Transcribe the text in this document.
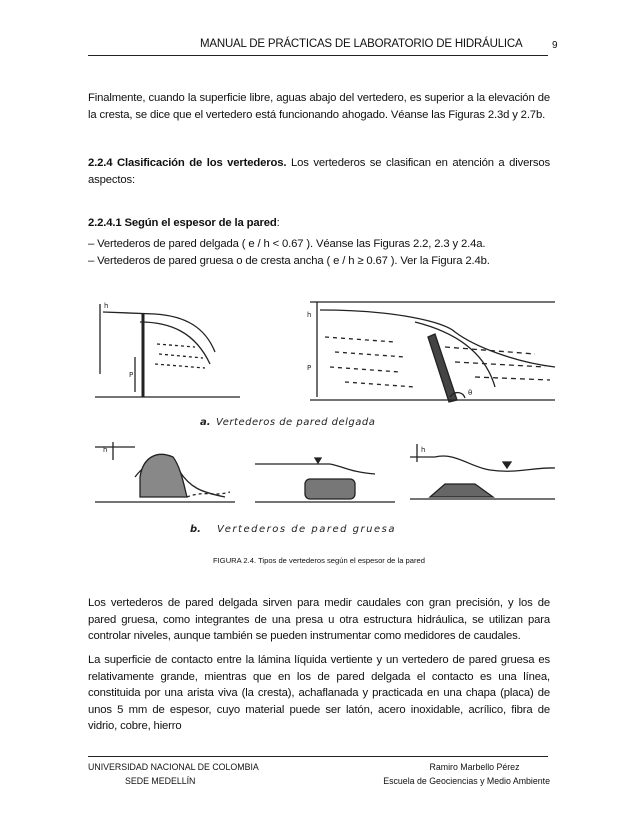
MANUAL DE PRÁCTICAS DE LABORATORIO DE HIDRÁULICA	9
Finalmente, cuando la superficie libre, aguas abajo del vertedero, es superior a la elevación de la cresta, se dice que el vertedero está funcionando ahogado. Véanse las Figuras 2.3d y 2.7b.
2.2.4 Clasificación de los vertederos. Los vertederos se clasifican en atención a diversos aspectos:
2.2.4.1 Según el espesor de la pared:
– Vertederos de pared delgada ( e / h < 0.67 ). Véanse las Figuras 2.2, 2.3 y 2.4a.
– Vertederos de pared gruesa o de cresta ancha ( e / h ≥ 0.67 ). Ver la Figura 2.4b.
h
P
h
P
θ
h	h
a. Vertederos de pared delgada
b. Vertederos de pared gruesa
FIGURA 2.4. Tipos de vertederos según el espesor de la pared
Los vertederos de pared delgada sirven para medir caudales con gran precisión, y los de pared gruesa, como integrantes de una presa u otra estructura hidráulica, se utilizan para controlar niveles, aunque también se pueden instrumentar como medidores de caudales.
La superficie de contacto entre la lámina líquida vertiente y un vertedero de pared gruesa es relativamente grande, mientras que en los de pared delgada el contacto es una línea, constituida por una arista viva (la cresta), achaflanada y practicada en una chapa (placa) de unos 5 mm de espesor, cuyo material puede ser latón, acero inoxidable, acrílico, fibra de vidrio, cobre, hierro
UNIVERSIDAD NACIONAL DE COLOMBIA
SEDE MEDELLÍN
Ramiro Marbello Pérez
Escuela de Geociencias y Medio Ambiente
